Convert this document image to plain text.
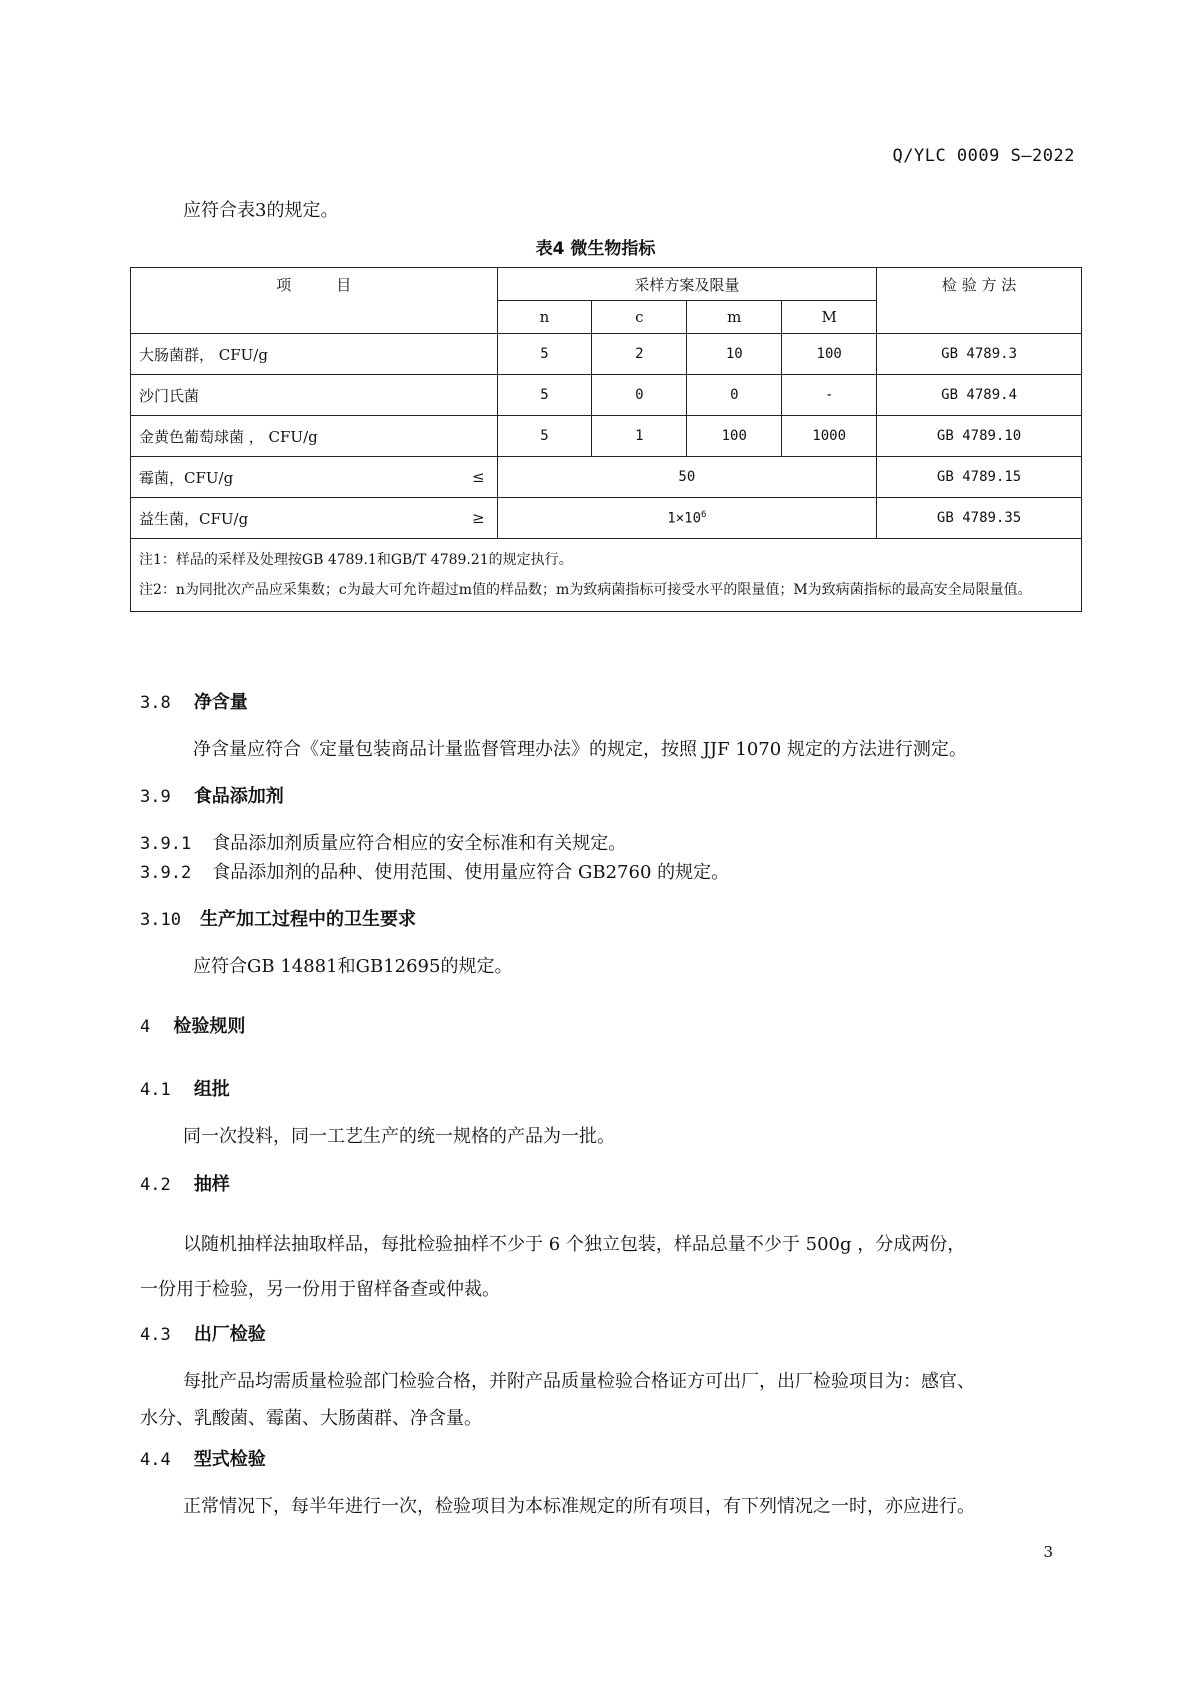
Q/YLC 0009 S—2022
应符合表3的规定。
表4 微生物指标
项　　　目	采样方案及限量				检 验 方 法
	n	c	m	M	
大肠菌群， CFU/g	5	2	10	100	GB 4789.3
沙门氏菌	5	0	0	-	GB 4789.4
金黄色葡萄球菌 ， CFU/g	5	1	100	1000	GB 4789.10
霉菌，CFU/g ≤	50				GB 4789.15
益生菌，CFU/g ≥	$1\times 10^6$				GB 4789.35

注1：样品的采样及处理按GB 4789.1和GB/T 4789.21的规定执行。
注2：n为同批次产品应采集数；c为最大可允许超过m值的样品数；m为致病菌指标可接受水平的限量值；M为致病菌指标的最高安全局限量值。					
3.8 净含量
净含量应符合《定量包装商品计量监督管理办法》的规定，按照 JJF 1070 规定的方法进行测定。
3.9 食品添加剂
3.9.1 食品添加剂质量应符合相应的安全标准和有关规定。
3.9.2 食品添加剂的品种、使用范围、使用量应符合 GB2760 的规定。
3.10 生产加工过程中的卫生要求
应符合GB 14881和GB12695的规定。
4 检验规则
4.1 组批
同一次投料，同一工艺生产的统一规格的产品为一批。
4.2 抽样
以随机抽样法抽取样品，每批检验抽样不少于 6 个独立包装，样品总量不少于 500g ，分成两份，
一份用于检验，另一份用于留样备查或仲裁。
4.3 出厂检验
每批产品均需质量检验部门检验合格，并附产品质量检验合格证方可出厂，出厂检验项目为：感官、
水分、乳酸菌、霉菌、大肠菌群、净含量。
4.4 型式检验
正常情况下，每半年进行一次，检验项目为本标准规定的所有项目，有下列情况之一时，亦应进行。
3
